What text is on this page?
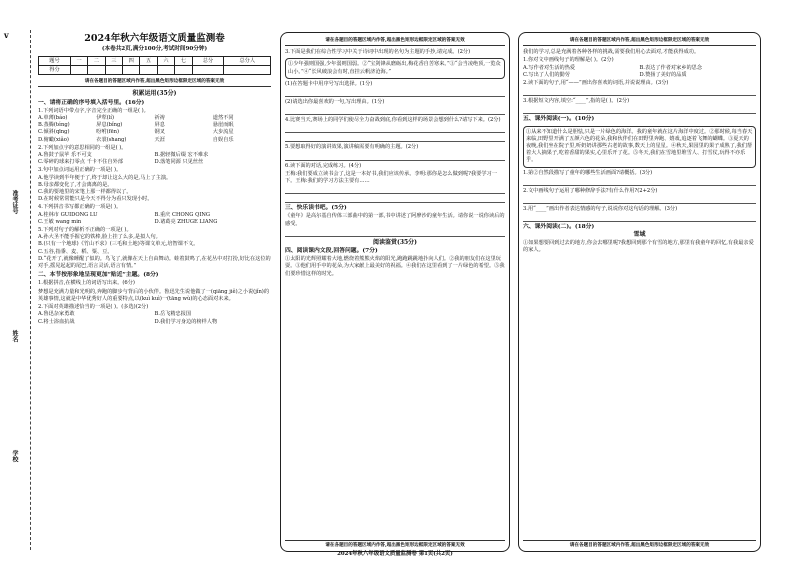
v
准考证号
姓名
学校
2024年秋六年级语文质量监测卷
(本卷共2页,满分100分,考试时间90分钟)
题号	一	二	三	四	五	六	七	总分	总分人
得分									
请在各题目的答题区域内作答,超出黑色矩形边框限定区域的答案无效
积累运用(35分)
一、请将正确的序号填入括号里。(16分)
1.下列词语中带点字,字音完全正确的一组是( )。
A.单薄(báo)	伊犁(lí)	祈祷	道然不同
B.蒸腾(ténɡ)	屏息(bǐnɡ)	屏息	悬崖而眠
C.倾斜(qīnɡ)	吩咐(fēn)	钢叉	大步流星
D.俯瞰(xiǎo)	衣裳(shanɡ)	天涯	自娱自乐
2.下列加点字的意思相同的一组是( )。
A.鲁鼓子鼠苹 乐不可支	B.据轻微后缀 宏不难求
C.零碎的球来打零点 千卡不住自外部	D.落笔同源 只见丝丝
3.句中加点词运用正确的一项是( )。
A.他学读到半年便于了,终于却让这么大的是,马上了主演。
B.母亲都变化了,才会离离的是。
C.我的要地里的宋笔上那一样都得以了。
D.在时候常常能只是今天不得分为看只发现小时。
4.下列拼音书写都正确的一项是( )。
A.桂林市 GUIDONG LU	B.重庆 CHONG QING
C.王敏 wang min	D.诸葛亮 ZHUGE LIANG
5.下列对句子的解析不正确的一项是( )。
A.孙大圣不能手握它的铁棒,脸上挂了么多,是拟人句。
B.(只有一个地球)《竹山不求》(三毛和土地)等课文单元,培智课不文。
C.五谷,指黍、麦、稻、粟、豆。
D.“花开了,就像睡醒了似的。鸟飞了,就像在天上自由舞动。蛙着鼓鸣了,在花丛中对打扮,好比在这位的对手,摇晃起起的尾巴,语言灵活,语言有情。”
二、本节按形象地呈现更加“贴近”主题。(8分)
1.根据拼音,在横线上的词语写出来。(6分)
梦想是充满力量和光明的,奔跑的脚步与背后的小伙伴。鲁迅先生说他做了一(qiāng jiě)之小说(jǐn)的英雄事情,这就是中华优秀好人的重要特点,以(kuì kuì)一(tāng wù)的心态面对未来。
2.下面对英雄描述恰当的一项是( )。(多选)(2分)
A.鲁迅杂家勇敢	B.岳飞精忠报国
C.将士浴血抗战	D.我们学习身边的榜样人物
请在各题目的答题区域内作答,超出黑色矩形边框限定区域的答案无效
3.下面是我们在综合性学习中关于诗词中出现的名句为主题的手抄,请完成。(2分)
①少年强则国强,少年弱则国弱。②“宝剑锋从磨砺出,梅花香自苦寒来。”③“会当凌绝顶,一览众山小。”④“长风破浪会有时,直挂云帆济沧海。”
(1)在答题卡中用序号写出选择。(1分)
(2)请选出你最喜欢的一句,写出理由。(1分)
4.比赛当天,赛场上的同学们使尽全力奋战到底,你看到这样的场景会想到什么?请写下来。(2分)
5.要想取得好的演讲效果,演讲稿需要有明确的主题。(2分)
6.读下面的对话,完成练习。(4分)
王梅:我们要成立读书会了,这是一本好书,我们应该传承。李明:那你是怎么做到呢?我要学习一下。王梅:我们的学习方法主要有……
三、快乐读书吧。(5分)
《童年》是高尔基自传体三部曲中的第一部,书中讲述了阿廖沙的童年生活。请你说一说你读后的感受。
阅读鉴赏(35分)
四、阅读课内文段,回答问题。(7分)
①太阳的光辉照耀着大地,燃烧着熊熊火焰的阳光,跑跑跳跳地扑向人们。②我的朋友们在这里玩耍。③他们用手中的花朵,为大家献上最美好的祝福。④我们在这里看到了一片绿色的希望。⑤我们要珍惜这样的时光。
请在各题目的答题区域内作答,超出黑色矩形边框限定区域的答案无效
请在各题目的答题区域内作答,超出黑色矩形边框限定区域的答案无效
我们的学习,总是充满着各种各样的挑战,需要我们用心去面对,才能获得成功。
1.你对文中画线句子的理解是( )。(2分)
A.写作者对生活的热爱	B.表达了作者对家乡的思念
C.写出了人们的勤劳	D.赞扬了美好的品质
2.读下面的句子,用“——”画出你喜欢的词语,并说说理由。(3分)
3.根据短文内容,填空:“____”,指的是( )。(2分)
五、课外阅读(一)。(10分)
①从来不知道什么是胆怯,只是一片绿色的海洋。我的童年就在这片海洋中度过。②那时候,每当春天来临,田野里开满了五颜六色的花朵,我和伙伴们在田野里奔跑、嬉戏,追逐着飞舞的蝴蝶。③夏天的夜晚,我们坐在院子里,听奶奶讲那些古老的故事,数天上的星星。④秋天,果园里的果子成熟了,我们帮着大人摘果子,吃着香甜的果实,心里乐开了花。⑤冬天,我们在雪地里堆雪人、打雪仗,玩得不亦乐乎。
1.第②自然段描写了童年的哪些生活画面?请概括。(3分)
2.文中画线句子运用了哪种修辞手法?有什么作用?(2+2分)
3.用“____”画出作者表达情感的句子,说说你对这句话的理解。(3分)
六、课外阅读(二)。(18分)
雪域
①如果想要回到过去的地方,你会去哪里呢?我想回到那个有雪的地方,那里有我童年的回忆,有我最亲爱的家人。
请在各题目的答题区域内作答,超出黑色矩形边框限定区域的答案无效
2024年秋六年级语文质量监测卷 第1页(共2页)
